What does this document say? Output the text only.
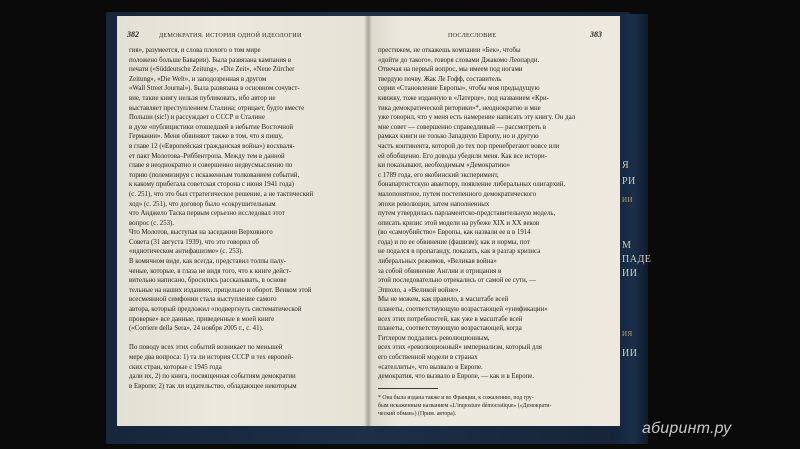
Я
РИ
ИИ
М
ПАДЕ
ИИ
ИЯ
ИИ
382	ДЕМОКРАТИЯ. ИСТОРИЯ ОДНОЙ ИДЕОЛОГИИ
гия», разумеется, и слова плохого о том мире
положено больше Баварии). Была развязана кампания в
печати («Süddeutsche Zeitung», «Die Zeit», «Neue Zürcher
Zeitung», «Die Welt», и заподозренная в другом
«Wall Street Journal»). Была развязана в основном сочувст-
вие, такие книгу нельзя публиковать, ибо автор не
выставляет преступлением Сталина; отрицает, будто вместе
Польши (sic!) и рассуждает о СССР и Сталине
в духе «публицистики отошедшей в небытие Восточной
Германии». Меня обвиняют также в том, что я пишу,
в главе 12 («Европейская гражданская война») восхваля-
ет пакт Молотова–Риббентропа. Между тем в данной
главе я неоднократно и совершенно недвусмысленно по
торию (полемизируя с искаженным толкованием событий,
к какому прибегала советская сторона с июня 1941 года)
(с. 251), что это был стратегическое решение, а не тактический
ход» (с. 251), что договор было «сокрушительным
что Анджело Таска первым серьезно исследовал этот
вопрос (с. 253).
Что Молотов, выступая на заседании Верховного
Совета (31 августа 1939), что это говорил об
«идиотическом антифашизме» (с. 253).
В комичном виде, как всегда, представил толпы палу-
ченые, которые, в глаза не видя того, что к книге дейст-
вительно написано, бросились рассказывать, в основе
тельные на наших изданиях, прицельно и оборот. Венком этой
всесмеянной симфонии стала выступление самого
автора, который предложил «подвергнуть систематической
проверке» все данные, приведенные в моей книге
(«Corriere della Sera», 24 ноября 2005 г., с. 41).
По поводу всех этих событий возникает по меньшей
мере два вопроса: 1) та ли история СССР и тех европей-
ских стран, которые с 1945 года
дали их, 2) по книга, посвященная событиям демократии
в Европе; 2) так ли издательство, обладающее некоторым
ПОСЛЕСЛОВИЕ	383
престижем, не откажешь компании «Бек», чтобы
«дойти до такого», говоря словами Джакомо Леопарди.
Отвечая на первый вопрос, мы имеем под ногами
твердую почву. Жак Ле Гофф, составитель
серии «Становление Европы», чтобы моя предыдущую
книжку, тоже изданную в «Латерце», под названием «Кри-
тика демократической риторики»*, неоднократно и мне
уже говорил, что у меня есть намерение написать эту книгу. Он дал
мне совет — совершенно справедливый — рассмотреть в
рамках книги не только Западную Европу, но и другую
часть континента, которой до тех пор пренебрегают вовсе или
ей обобщенно. Его доводы убедили меня. Как все истори-
ки показывают, необходимым «Демократию»
с 1789 года, его якобинский эксперимент,
бонапартистскую авантюру, появление либеральных олигархий,
малопонятное, путем постепенного демократического
эпохи революции, затем наполненных
путем утвердилась парламентско-представительную модель,
описать кризис этой модели на рубеже XIX и XX веков
(во «самоубийство» Европы, как назвали ее в в 1914
года) и по ее обвинение (фашизм); как и нормы, пот
не подался в пропаганду, показать, как в разгар кризиса
либеральных режимов, «Великая война»
за собой обвинение Англии и отрицания в
этой последовательно отрекались от самой ее сути, —
Эпполо, а «Великой войне».
Мы не можем, как правило, в масштабе всей
планеты, соответствующую возрастающей «унификации»
всех этих потребностей, как уже в масштабе всей
планеты, соответствующую возрастающей, когда
Гитлером поддались революционным,
всех этих «революционный» империализм, который для
его собственной модели в странах
«сателлиты», что вызвало в Европе.
демократия, что вызвало в Европе, — как и в Европе.
* Она была издана также и во Франции, к сожалению, под гру-
бым искаженным названием «L'imposture démocratique» («Демократи-
ческий обман») (Прим. автора).
абиринт.ру
